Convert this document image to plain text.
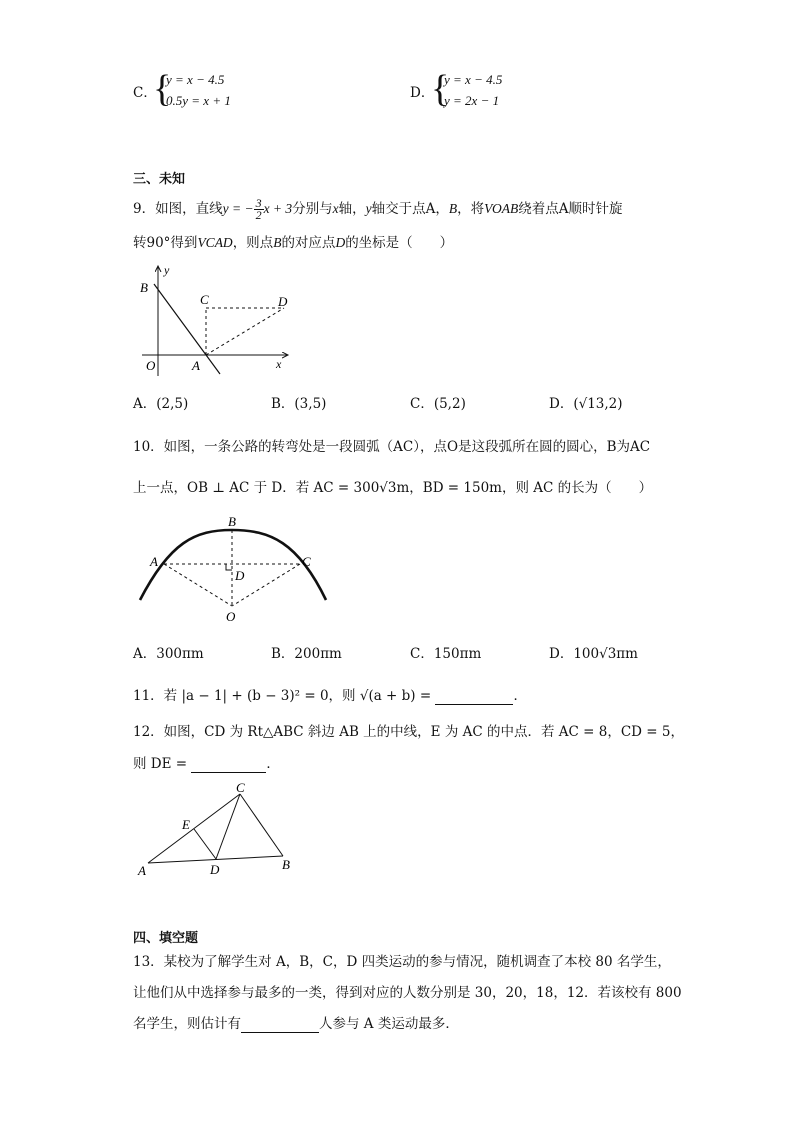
C．
{
y = x − 4.5
0.5y = x + 1	D．
{
y = x − 4.5
y = 2x − 1
三、未知
9．如图，直线y = − $\frac{3}{2}$ x + 3分别与x轴，y轴交于点A，B，将VOAB绕着点A顺时针旋
转90°得到VCAD，则点B的对应点D的坐标是（　　）
y
B
C	D
O	A	x
A．(2,5)	B．(3,5)	C．(5,2)	D．(√13,2)
10．如图，一条公路的转弯处是一段圆弧（AC），点O是这段弧所在圆的圆心，B为AC
上一点，OB ⊥ AC 于 D．若 AC = 300√3m，BD = 150m，则 AC 的长为（　　）
B
A	C
D
O
A．300πm	B．200πm	C．150πm	D．100√3πm
11．若 |a − 1| + (b − 3)² = 0，则 √(a + b) =	．
12．如图，CD 为 Rt△ABC 斜边 AB 上的中线，E 为 AC 的中点．若 AC = 8，CD = 5，
则 DE =	．
C
E
A	D	B
四、填空题
13．某校为了解学生对 A，B，C，D 四类运动的参与情况，随机调查了本校 80 名学生，
让他们从中选择参与最多的一类，得到对应的人数分别是 30，20，18，12．若该校有 800
名学生，则估计有	人参与 A 类运动最多．
